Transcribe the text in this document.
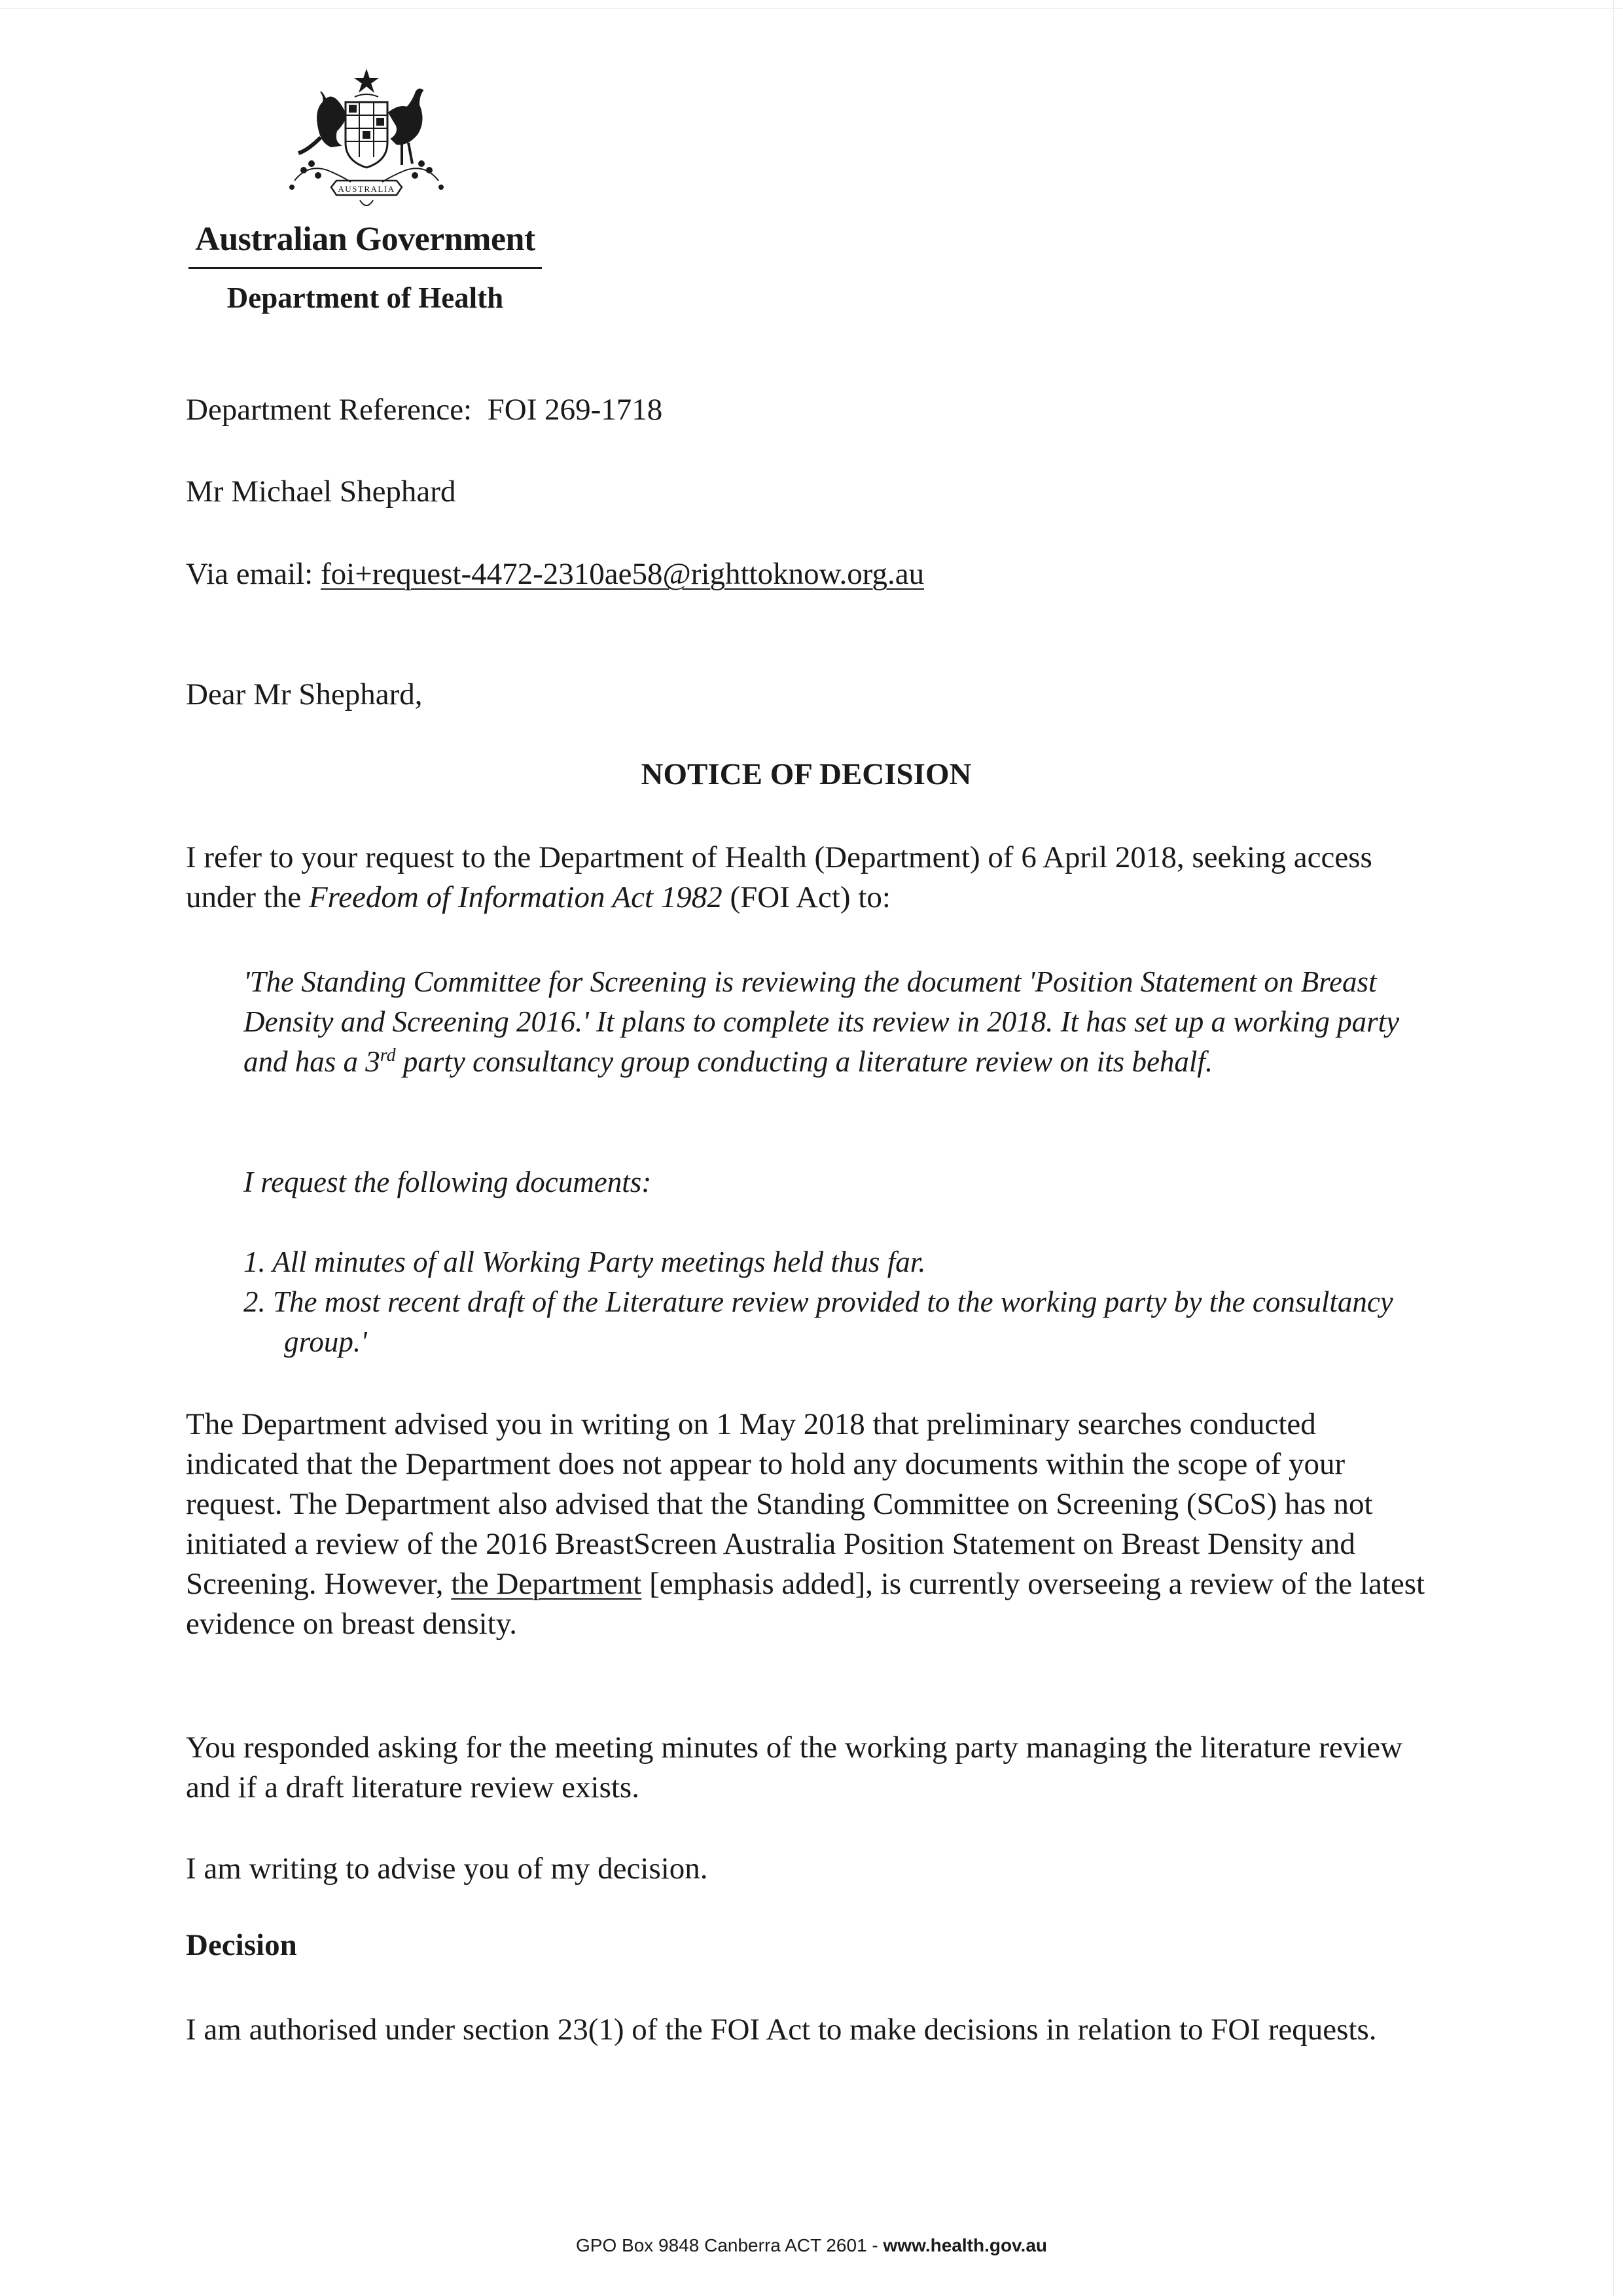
AUSTRALIA
Australian Government
Department of Health

Department Reference: FOI 269-1718

Mr Michael Shephard

Via email: foi+request-4472-2310ae58@righttoknow.org.au

Dear Mr Shephard,

NOTICE OF DECISION

I refer to your request to the Department of Health (Department) of 6 April 2018, seeking access under the Freedom of Information Act 1982 (FOI Act) to:

'The Standing Committee for Screening is reviewing the document 'Position Statement on Breast Density and Screening 2016.' It plans to complete its review in 2018. It has set up a working party and has a 3rd party consultancy group conducting a literature review on its behalf.

I request the following documents:

1. All minutes of all Working Party meetings held thus far.
2. The most recent draft of the Literature review provided to the working party by the consultancy group.'

The Department advised you in writing on 1 May 2018 that preliminary searches conducted indicated that the Department does not appear to hold any documents within the scope of your request. The Department also advised that the Standing Committee on Screening (SCoS) has not initiated a review of the 2016 BreastScreen Australia Position Statement on Breast Density and Screening. However, the Department [emphasis added], is currently overseeing a review of the latest evidence on breast density.

You responded asking for the meeting minutes of the working party managing the literature review and if a draft literature review exists.

I am writing to advise you of my decision.

Decision

I am authorised under section 23(1) of the FOI Act to make decisions in relation to FOI requests.

GPO Box 9848 Canberra ACT 2601 - www.health.gov.au
